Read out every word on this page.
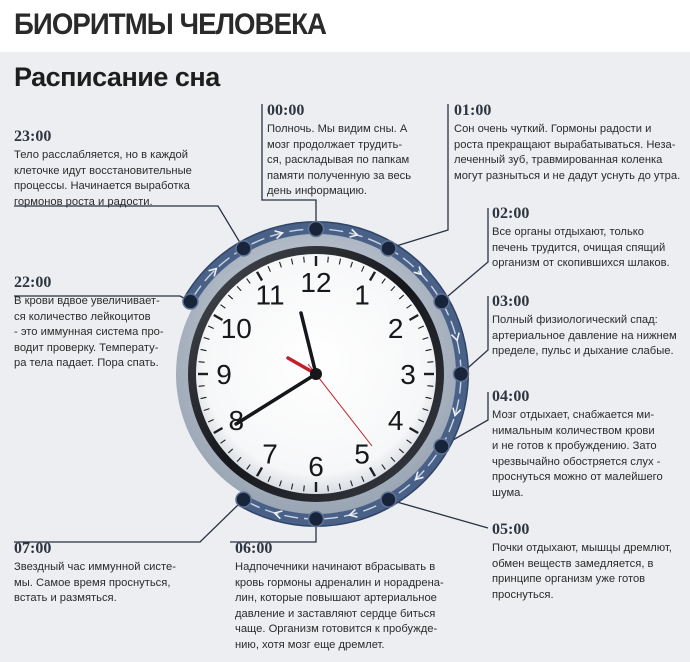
БИОРИТМЫ ЧЕЛОВЕКА
Расписание сна
12 1
2
3
4
5
6
7
8
9
10
11
23:00
Тело расслабляется, но в каждой
клеточке идут восстановительные
процессы. Начинается выработка
гормонов роста и радости.
00:00
Полночь. Мы видим сны. А
мозг продолжает трудить-
ся, раскладывая по папкам
памяти полученную за весь
день информацию.
01:00
Сон очень чуткий. Гормоны радости и
роста прекращают вырабатываться. Неза-
леченный зуб, травмированная коленка
могут разныться и не дадут уснуть до утра.
02:00
Все органы отдыхают, только
печень трудится, очищая спящий
организм от скопившихся шлаков.
22:00
В крови вдвое увеличивает-
ся количество лейкоцитов
- это иммунная система про-
водит проверку. Температу-
ра тела падает. Пора спать.
03:00
Полный физиологический спад:
артериальное давление на нижнем
пределе, пульс и дыхание слабые.
04:00
Мозг отдыхает, снабжается ми-
нимальным количеством крови
и не готов к пробуждению. Зато
чрезвычайно обостряется слух -
проснуться можно от малейшего
шума.
05:00
Почки отдыхают, мышцы дремлют,
обмен веществ замедляется, в
принципе организм уже готов
проснуться.
07:00
Звездный час иммунной систе-
мы. Самое время проснуться,
встать и размяться.
06:00
Надпочечники начинают вбрасывать в
кровь гормоны адреналин и норадрена-
лин, которые повышают артериальное
давление и заставляют сердце биться
чаще. Организм готовится к пробужде-
нию, хотя мозг еще дремлет.
